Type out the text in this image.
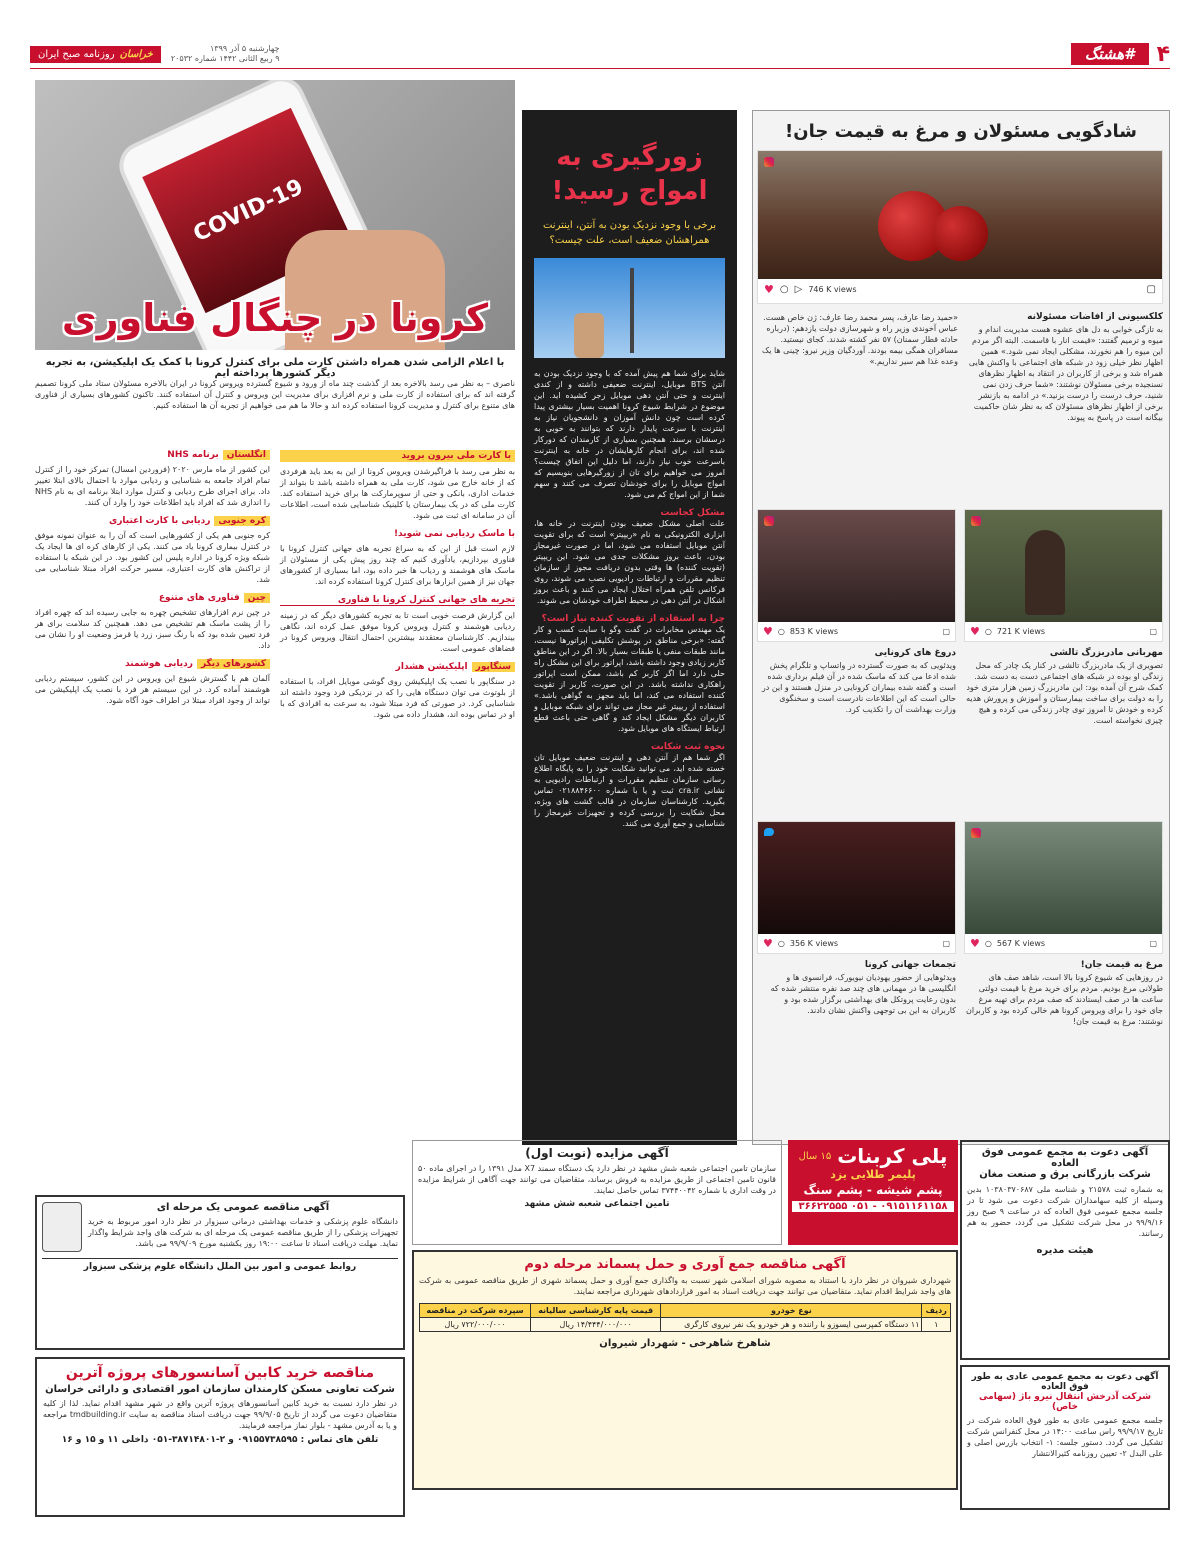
۴
#هشتگ
چهارشنبه ۵ آذر ۱۳۹۹
۹ ربیع الثانی ۱۴۴۲ شماره ۲۰۵۳۲
خراسان
روزنامه صبح ایران
شادگویی مسئولان و مرغ به قیمت جان!
♥ ○ ▷ 746 K views	▢
کلکسیونی از افاضات مسئولانه
به تازگی خوابی به دل های عشوه هست مدیریت اندام و میوه و ترمیم گفتند: «قیمت انار با قاسمت. البته اگر مردم این میوه را هم نخورند، مشکلی ایجاد نمی شود.» همین اظهار نظر خیلی زود در شبکه های اجتماعی با واکنش هایی همراه شد و برخی از کاربران در انتقاد به اظهار نظرهای نسنجیده برخی مسئولان نوشتند: «شما حرف زدن نمی شنید، حرف درست را درست بزنید.» در ادامه به بازنشر برخی از اظهار نظرهای مسئولان که به نظر شان حاکمیت بیگانه است در پاسخ به پیوند.
«حمید رضا عارف، پسر محمد رضا عارف: ژن خاص هست. عباس آخوندی وزیر راه و شهرسازی دولت یازدهم: (درباره حادثه قطار سمنان) ۵۷ نفر کشته شدند. کجای نیستید. مسافران همگی بیمه بودند. آوردگیان وزیر نیرو: چینی ها یک وعده غذا هم سیر نداریم.»
♥ ○ 721 K views	▢
مهربانی مادربزرگ تالشی
تصویری از یک مادربزرگ تالشی در کنار یک چادر که محل زندگی او بوده در شبکه های اجتماعی دست به دست شد. کمک شرح آن آمده بود: این مادربزرگ زمین هزار متری خود را به دولت برای ساخت بیمارستان و آموزش و پرورش هدیه کرده و خودش تا امروز توی چادر زندگی می کرده و هیچ چیزی نخواسته است.
♥ ○ 853 K views	▢
دروغ های کرونایی
ویدئویی که به صورت گسترده در واتساپ و تلگرام پخش شده ادعا می کند که ماسک شده در آن فیلم برداری شده است و گفته شده بیماران کرونایی در منزل هستند و این در حالی است که این اطلاعات نادرست است و سخنگوی وزارت بهداشت آن را تکذیب کرد.
♥ ○ 567 K views	▢
مرغ به قیمت جان!
در روزهایی که شیوع کرونا بالا است، شاهد صف های طولانی مرغ بودیم. مردم برای خرید مرغ با قیمت دولتی ساعت ها در صف ایستادند که صف مردم برای تهیه مرغ جای خود را برای ویروس کرونا هم خالی کرده بود و کاربران نوشتند: مرغ به قیمت جان!
♥ ○ 356 K views	▢
تجمعات جهانی کرونا
ویدئوهایی از حضور یهودیان نیویورک، فرانسوی ها و انگلیسی ها در مهمانی های چند صد نفره منتشر شده که بدون رعایت پروتکل های بهداشتی برگزار شده بود و کاربران به این بی توجهی واکنش نشان دادند.
زورگیری به امواج رسید!
برخی با وجود نزدیک بودن به آنتن، اینترنت همراهشان ضعیف است، علت چیست؟
شاید برای شما هم پیش آمده که با وجود نزدیک بودن به آنتن BTS موبایل، اینترنت ضعیفی داشته و از کندی اینترنت و حتی آنتن دهی موبایل زجر کشیده اید. این موضوع در شرایط شیوع کرونا اهمیت بسیار بیشتری پیدا کرده است چون دانش آموزان و دانشجویان نیاز به اینترنت با سرعت پایدار دارند که بتوانند به خوبی به درسشان برسند. همچنین بسیاری از کارمندان که دورکار شده اند، برای انجام کارهایشان در خانه به اینترنت باسرعت خوب نیاز دارند، اما دلیل این اتفاق چیست؟ امروز می خواهیم برای تان از زورگیرهایی بنویسیم که امواج موبایل را برای خودشان تصرف می کنند و سهم شما از این امواج کم می شود.
مشکل کجاست
علت اصلی مشکل ضعیف بودن اینترنت در خانه ها، ابزاری الکترونیکی به نام «ریپیتر» است که برای تقویت آنتن موبایل استفاده می شود، اما در صورت غیرمجاز بودن، باعث بروز مشکلات جدی می شود. این ریپیتر (تقویت کننده) ها وقتی بدون دریافت مجوز از سازمان تنظیم مقررات و ارتباطات رادیویی نصب می شوند، روی فرکانس تلفن همراه اختلال ایجاد می کنند و باعث بروز اشکال در آنتن دهی در محیط اطراف خودشان می شوند.
چرا به استفاده از تقویت کننده نیاز است؟
یک مهندس مخابرات در گفت وگو با سایت کسب و کار گفته: «برخی مناطق در پوشش تکلیفی اپراتورها نیست، مانند طبقات منفی یا طبقات بسیار بالا. اگر در این مناطق کاربر زیادی وجود داشته باشد، اپراتور برای این مشکل راه حلی دارد اما اگر کاربر کم باشد، ممکن است اپراتور راهکاری نداشته باشد. در این صورت، کاربر از تقویت کننده استفاده می کند، اما باید مجهز به گواهی باشد.» استفاده از ریپیتر غیر مجاز می تواند برای شبکه موبایل و کاربران دیگر مشکل ایجاد کند و گاهی حتی باعث قطع ارتباط ایستگاه های موبایل شود.
نحوه ثبت شکایت
اگر شما هم از آنتن دهی و اینترنت ضعیف موبایل تان خسته شده اید، می توانید شکایت خود را به پایگاه اطلاع رسانی سازمان تنظیم مقررات و ارتباطات رادیویی به نشانی cra.ir ثبت و یا با شماره ۰۲۱۸۸۴۶۶۰۰ تماس بگیرید. کارشناسان سازمان در قالب گشت های ویژه، محل شکایت را بررسی کرده و تجهیزات غیرمجاز را شناسایی و جمع آوری می کنند.
COVID-19
کرونا در چنگال فناوری
با اعلام الزامی شدن همراه داشتن کارت ملی برای کنترل کرونا با کمک یک اپلیکیشن، به تجربه دیگر کشورها پرداخته ایم
ناصری – به نظر می رسد بالاخره بعد از گذشت چند ماه از ورود و شیوع گسترده ویروس کرونا در ایران بالاخره مسئولان ستاد ملی کرونا تصمیم گرفته اند که برای استفاده از کارت ملی و نرم افزاری برای مدیریت این ویروس و کنترل آن استفاده کنند. تاکنون کشورهای بسیاری از فناوری های متنوع برای کنترل و مدیریت کرونا استفاده کرده اند و حالا ما هم می خواهیم از تجربه آن ها استفاده کنیم.
با کارت ملی بیرون بروید
به نظر می رسد با فراگیرشدن ویروس کرونا از این به بعد باید هرفردی که از خانه خارج می شود، کارت ملی به همراه داشته باشد تا بتواند از خدمات اداری، بانکی و حتی از سوپرمارکت ها برای خرید استفاده کند. کارت ملی که در یک بیمارستان یا کلینیک شناسایی شده است، اطلاعات آن در سامانه ای ثبت می شود.
با ماسک ردیابی نمی شوید!
لازم است قبل از این که به سراغ تجربه های جهانی کنترل کرونا با فناوری بپردازیم، یادآوری کنیم که چند روز پیش یکی از مسئولان از ماسک های هوشمند و ردیاب ها خبر داده بود، اما بسیاری از کشورهای جهان نیز از همین ابزارها برای کنترل کرونا استفاده کرده اند.
تجربه های جهانی کنترل کرونا با فناوری
این گزارش فرصت خوبی است تا به تجربه کشورهای دیگر که در زمینه ردیابی هوشمند و کنترل ویروس کرونا موفق عمل کرده اند، نگاهی بیندازیم. کارشناسان معتقدند بیشترین احتمال انتقال ویروس کرونا در فضاهای عمومی است.
سنگاپور
اپلیکیشن هشدار
در سنگاپور با نصب یک اپلیکیشن روی گوشی موبایل افراد، با استفاده از بلوتوث می توان دستگاه هایی را که در نزدیکی فرد وجود داشته اند شناسایی کرد. در صورتی که فرد مبتلا شود، به سرعت به افرادی که با او در تماس بوده اند، هشدار داده می شود.
انگلستان
برنامه NHS
این کشور از ماه مارس ۲۰۲۰ (فروردین امسال) تمرکز خود را از کنترل تمام افراد جامعه به شناسایی و ردیابی موارد با احتمال بالای ابتلا تغییر داد. برای اجرای طرح ردیابی و کنترل موارد ابتلا برنامه ای به نام NHS را اندازی شد که افراد باید اطلاعات خود را وارد آن کنند.
کره جنوبی
ردیابی با کارت اعتباری
کره جنوبی هم یکی از کشورهایی است که آن را به عنوان نمونه موفق در کنترل بیماری کرونا یاد می کنند. یکی از کارهای کره ای ها ایجاد یک شبکه ویژه کرونا در اداره پلیس این کشور بود. در این شبکه با استفاده از تراکنش های کارت اعتباری، مسیر حرکت افراد مبتلا شناسایی می شد.
چین
فناوری های متنوع
در چین نرم افزارهای تشخیص چهره به جایی رسیده اند که چهره افراد را از پشت ماسک هم تشخیص می دهد. همچنین کد سلامت برای هر فرد تعیین شده بود که با رنگ سبز، زرد یا قرمز وضعیت او را نشان می داد.
کشورهای دیگر
ردیابی هوشمند
آلمان هم با گسترش شیوع این ویروس در این کشور، سیستم ردیابی هوشمند آماده کرد. در این سیستم هر فرد با نصب یک اپلیکیشن می تواند از وجود افراد مبتلا در اطراف خود آگاه شود.
آگهی دعوت به مجمع عمومی فوق العاده
شرکت بازرگانی برق و صنعت مغان
به شماره ثبت ۲۱۵۷۸ و شناسه ملی ۱۰۳۸۰۳۷۰۶۸۷ بدین وسیله از کلیه سهامداران شرکت دعوت می شود تا در جلسه مجمع عمومی فوق العاده که در ساعت ۹ صبح روز ۹۹/۹/۱۶ در محل شرکت تشکیل می گردد، حضور به هم رسانند.
هیئت مدیره
پلی کربنات
۱۵ سال
پلیمر طلایی یزد
پشم شیشه - پشم سنگ
۰۹۱۵۱۱۶۱۱۵۸ - ۰۵۱ ۳۶۶۲۲۵۵۵
آگهی مزایده (نوبت اول)
سازمان تامین اجتماعی شعبه شش مشهد در نظر دارد یک دستگاه سمند X7 مدل ۱۳۹۱ را در اجرای ماده ۵۰ قانون تامین اجتماعی از طریق مزایده به فروش برساند، متقاضیان می توانند جهت آگاهی از شرایط مزایده در وقت اداری با شماره ۳۷۴۴۰۰۴۲ تماس حاصل نمایند.
تامین اجتماعی شعبه شش مشهد
آگهی مناقصه جمع آوری و حمل پسماند مرحله دوم
شهرداری شیروان در نظر دارد با استناد به مصوبه شورای اسلامی شهر نسبت به واگذاری جمع آوری و حمل پسماند شهری از طریق مناقصه عمومی به شرکت های واجد شرایط اقدام نماید. متقاضیان می توانند جهت دریافت اسناد به امور قراردادهای شهرداری مراجعه نمایند.
ردیف	نوع خودرو	قیمت پایه کارشناسی سالیانه	سپرده شرکت در مناقصه
۱	۱۱ دستگاه کمپرسی ایسوزو با راننده و هر خودرو یک نفر نیروی کارگری	۱۴/۴۴۴/۰۰۰/۰۰۰ ریال	۷۲۲/۰۰۰/۰۰۰ ریال
شاهرخ شاهرخی - شهردار شیروان
آگهی دعوت به مجمع عمومی عادی به طور فوق العاده
شرکت آذرخش انتقال نیرو باژ (سهامی خاص)
جلسه مجمع عمومی عادی به طور فوق العاده شرکت در تاریخ ۹۹/۹/۱۷ راس ساعت ۱۴:۰۰ در محل کنفرانس شرکت تشکیل می گردد. دستور جلسه: ۱- انتخاب بازرس اصلی و علی البدل ۲- تعیین روزنامه کثیرالانتشار
آگهی مناقصه عمومی یک مرحله ای
دانشگاه علوم پزشکی و خدمات بهداشتی درمانی سبزوار در نظر دارد امور مربوط به خرید تجهیزات پزشکی را از طریق مناقصه عمومی یک مرحله ای به شرکت های واجد شرایط واگذار نماید. مهلت دریافت اسناد تا ساعت ۱۹:۰۰ روز یکشنبه مورخ ۹۹/۹/۰۹ می باشد.
روابط عمومی و امور بین الملل دانشگاه علوم پزشکی سبزوار
مناقصه خرید کابین آسانسورهای پروژه آترین
شرکت تعاونی مسکن کارمندان سازمان امور اقتصادی و دارائی خراسان
در نظر دارد نسبت به خرید کابین آسانسورهای پروژه آترین واقع در شهر مشهد اقدام نماید. لذا از کلیه متقاضیان دعوت می گردد از تاریخ ۹۹/۹/۰۵ جهت دریافت اسناد مناقصه به سایت tmdbuilding.ir مراجعه و یا به آدرس مشهد - بلوار نماز مراجعه فرمایند.
تلفن های تماس : ۰۹۱۵۵۷۳۸۵۹۵ و ۲-۳۸۷۱۴۸۰۱-۰۵۱ داخلی ۱۱ و ۱۵ و ۱۶
